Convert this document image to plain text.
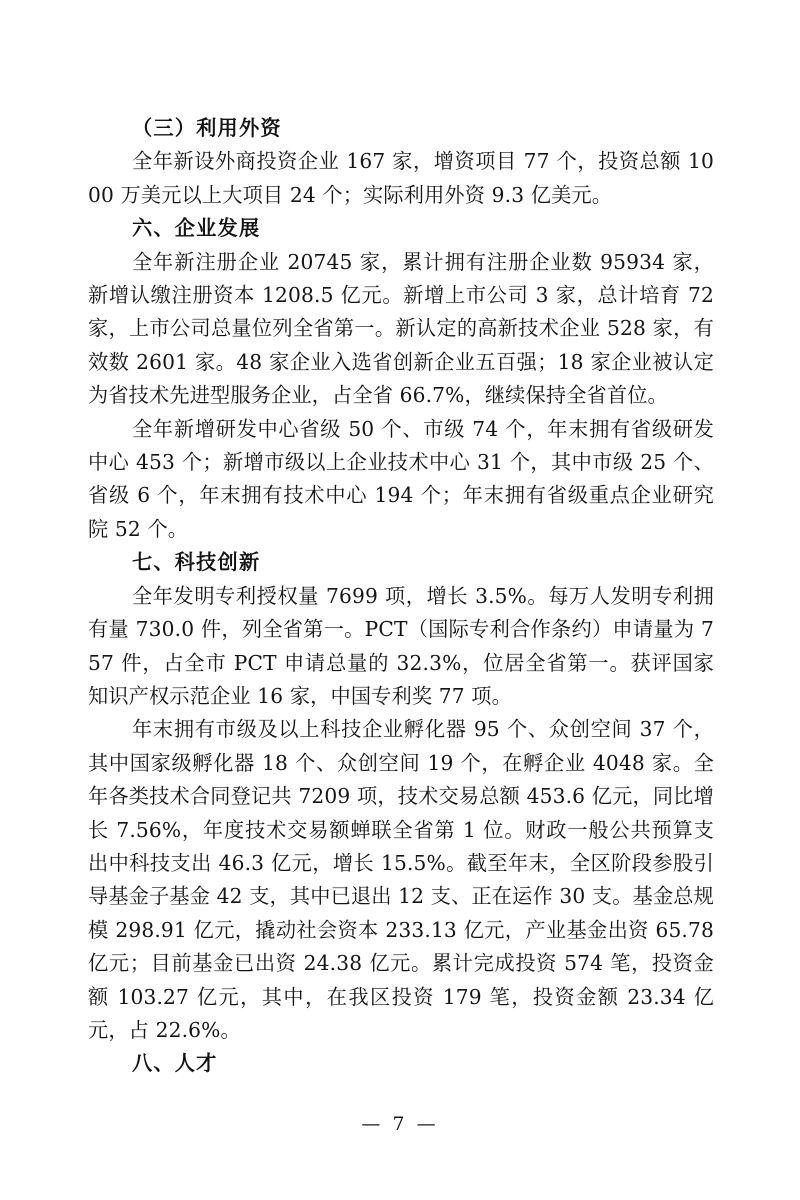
（三）利用外资

全年新设外商投资企业 167 家，增资项目 77 个，投资总额 1000 万美元以上大项目 24 个；实际利用外资 9.3 亿美元。

六、企业发展

全年新注册企业 20745 家，累计拥有注册企业数 95934 家，新增认缴注册资本 1208.5 亿元。新增上市公司 3 家，总计培育 72 家，上市公司总量位列全省第一。新认定的高新技术企业 528 家，有效数 2601 家。48 家企业入选省创新企业五百强；18 家企业被认定为省技术先进型服务企业，占全省 66.7%，继续保持全省首位。

全年新增研发中心省级 50 个、市级 74 个，年末拥有省级研发中心 453 个；新增市级以上企业技术中心 31 个，其中市级 25 个、省级 6 个，年末拥有技术中心 194 个；年末拥有省级重点企业研究院 52 个。

七、科技创新

全年发明专利授权量 7699 项，增长 3.5%。每万人发明专利拥有量 730.0 件，列全省第一。PCT（国际专利合作条约）申请量为 757 件，占全市 PCT 申请总量的 32.3%，位居全省第一。获评国家知识产权示范企业 16 家，中国专利奖 77 项。

年末拥有市级及以上科技企业孵化器 95 个、众创空间 37 个，其中国家级孵化器 18 个、众创空间 19 个，在孵企业 4048 家。全年各类技术合同登记共 7209 项，技术交易总额 453.6 亿元，同比增长 7.56%，年度技术交易额蝉联全省第 1 位。财政一般公共预算支出中科技支出 46.3 亿元，增长 15.5%。截至年末，全区阶段参股引导基金子基金 42 支，其中已退出 12 支、正在运作 30 支。基金总规模 298.91 亿元，撬动社会资本 233.13 亿元，产业基金出资 65.78 亿元；目前基金已出资 24.38 亿元。累计完成投资 574 笔，投资金额 103.27 亿元，其中，在我区投资 179 笔，投资金额 23.34 亿元，占 22.6%。

八、人才
— 7 —
